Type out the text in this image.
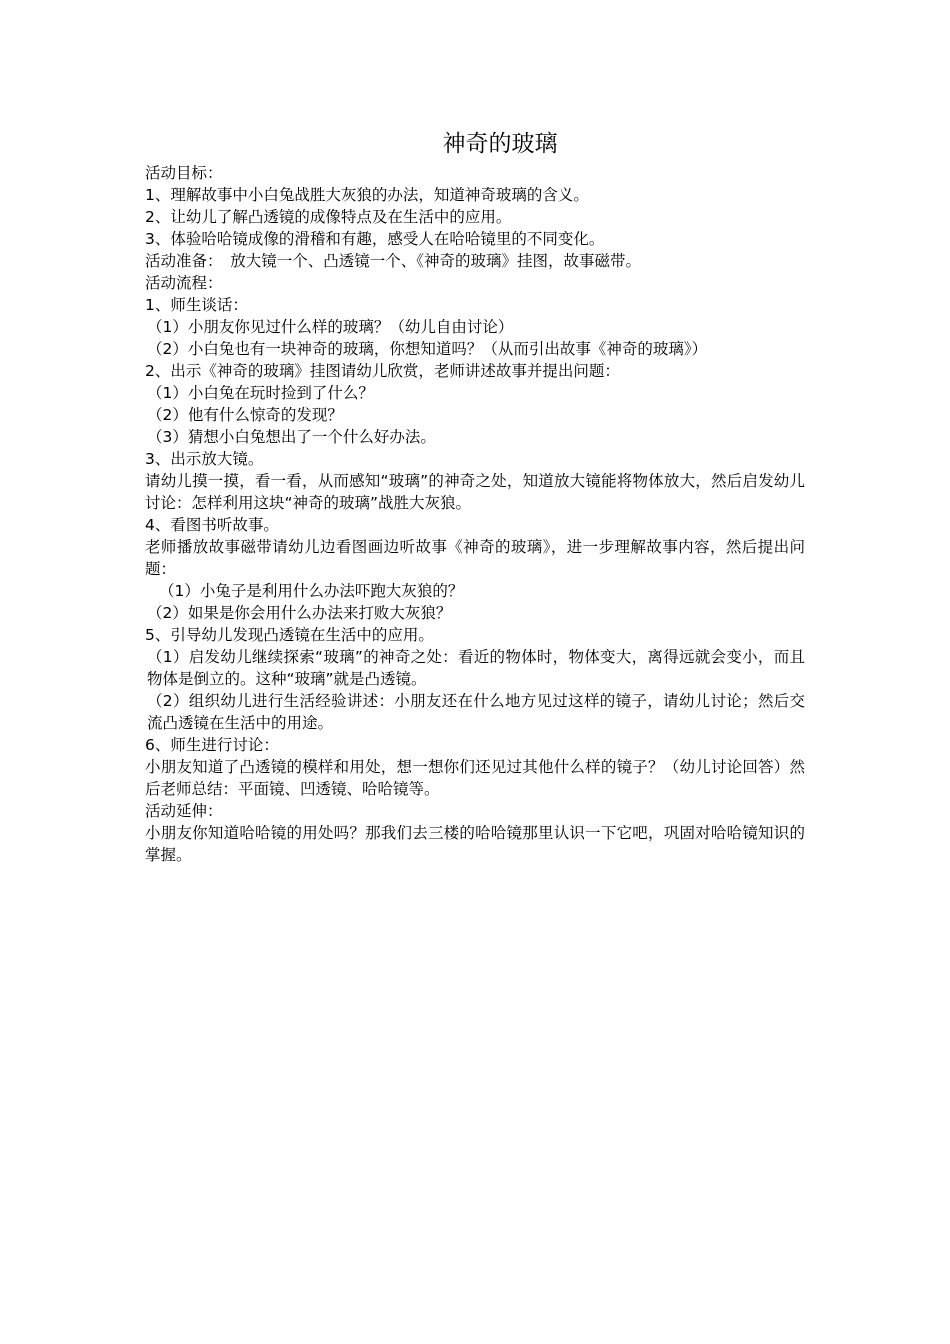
神奇的玻璃

活动目标：

1、理解故事中小白兔战胜大灰狼的办法，知道神奇玻璃的含义。

2、让幼儿了解凸透镜的成像特点及在生活中的应用。

3、体验哈哈镜成像的滑稽和有趣，感受人在哈哈镜里的不同变化。

活动准备：　放大镜一个、凸透镜一个、《神奇的玻璃》挂图，故事磁带。

活动流程：

1、师生谈话：

（1）小朋友你见过什么样的玻璃？（幼儿自由讨论）

（2）小白兔也有一块神奇的玻璃，你想知道吗？（从而引出故事《神奇的玻璃》）

2、出示《神奇的玻璃》挂图请幼儿欣赏，老师讲述故事并提出问题：

（1）小白兔在玩时捡到了什么？

（2）他有什么惊奇的发现？

（3）猜想小白兔想出了一个什么好办法。

3、出示放大镜。

请幼儿摸一摸，看一看，从而感知“玻璃”的神奇之处，知道放大镜能将物体放大，然后启发幼儿讨论：怎样利用这块“神奇的玻璃”战胜大灰狼。

4、看图书听故事。

老师播放故事磁带请幼儿边看图画边听故事《神奇的玻璃》，进一步理解故事内容，然后提出问题：

（1）小兔子是利用什么办法吓跑大灰狼的？

（2）如果是你会用什么办法来打败大灰狼？

5、引导幼儿发现凸透镜在生活中的应用。

（1）启发幼儿继续探索“玻璃”的神奇之处：看近的物体时，物体变大，离得远就会变小，而且物体是倒立的。这种“玻璃”就是凸透镜。

（2）组织幼儿进行生活经验讲述：小朋友还在什么地方见过这样的镜子，请幼儿讨论；然后交流凸透镜在生活中的用途。

6、师生进行讨论：

小朋友知道了凸透镜的模样和用处，想一想你们还见过其他什么样的镜子？（幼儿讨论回答）然后老师总结：平面镜、凹透镜、哈哈镜等。

活动延伸：

小朋友你知道哈哈镜的用处吗？那我们去三楼的哈哈镜那里认识一下它吧，巩固对哈哈镜知识的掌握。
